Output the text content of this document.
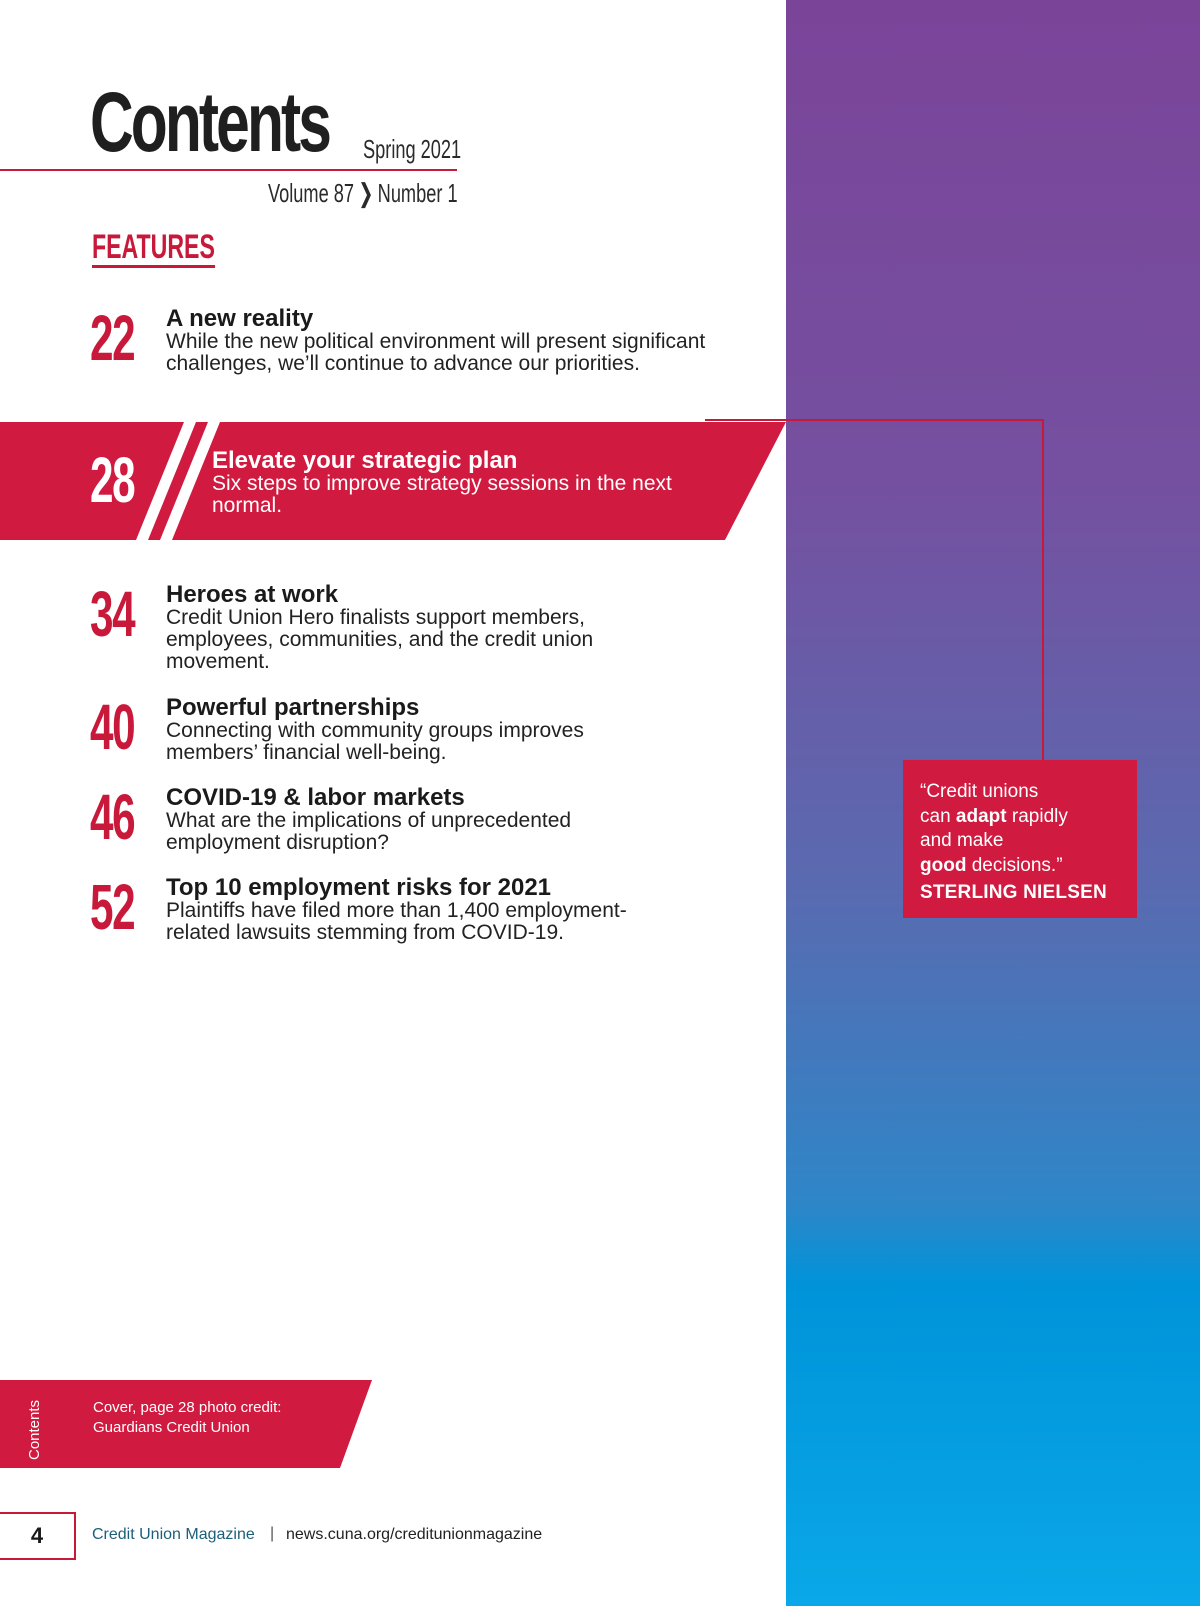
Contents Spring 2021
Volume 87 ❯ Number 1
FEATURES
22 A new reality
While the new political environment will present significant challenges, we’ll continue to advance our priorities.
28	Elevate your strategic plan
Six steps to improve strategy sessions in the next normal.
34 Heroes at work
Credit Union Hero finalists support members, employees, communities, and the credit union movement.
40 Powerful partnerships
Connecting with community groups improves members’ financial well-being.
46 COVID-19 & labor markets
What are the implications of unprecedented employment disruption?
52 Top 10 employment risks for 2021
Plaintiffs have filed more than 1,400 employment-related lawsuits stemming from COVID-19.
“Credit unions
can adapt rapidly
and make
good decisions.”
STERLING NIELSEN
Contents	Cover, page 28 photo credit:
Guardians Credit Union
4	Credit Union Magazine | news.cuna.org/creditunionmagazine
